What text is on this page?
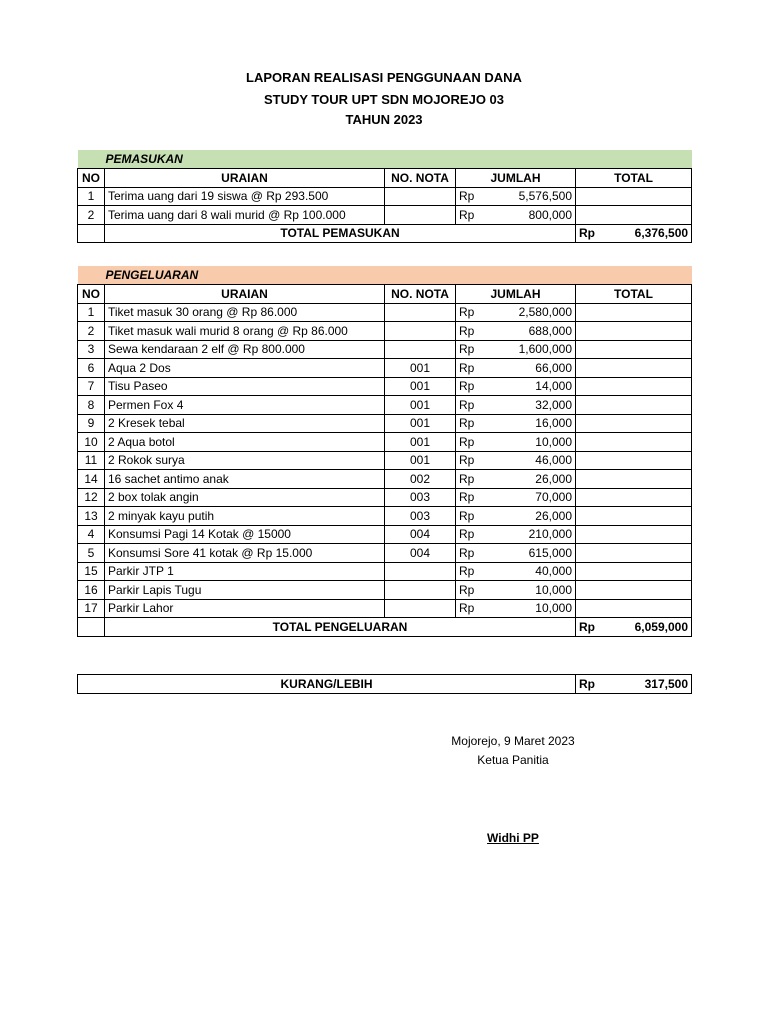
LAPORAN REALISASI PENGGUNAAN DANA
STUDY TOUR UPT SDN MOJOREJO 03
TAHUN 2023
PEMASUKAN				
NO	URAIAN	NO. NOTA	JUMLAH	TOTAL
1	Terima uang dari 19 siswa @ Rp 293.500		Rp 5,576,500	

2	Terima uang dari 8 wali murid @ Rp 100.000		Rp 800,000	

	TOTAL PEMASUKAN			Rp 6,376,500
PENGELUARAN				
NO	URAIAN	NO. NOTA	JUMLAH	TOTAL
1	Tiket masuk 30 orang @ Rp 86.000		Rp 2,580,000	

2	Tiket masuk wali murid 8 orang @ Rp 86.000		Rp 688,000	

3	Sewa kendaraan 2 elf @ Rp 800.000		Rp 1,600,000	

6	Aqua 2 Dos	001	Rp 66,000	

7	Tisu Paseo	001	Rp 14,000	

8	Permen Fox 4	001	Rp 32,000	

9	2 Kresek tebal	001	Rp 16,000	

10	2 Aqua botol	001	Rp 10,000	

11	2 Rokok surya	001	Rp 46,000	

14	16 sachet antimo anak	002	Rp 26,000	

12	2 box tolak angin	003	Rp 70,000	

13	2 minyak kayu putih	003	Rp 26,000	

4	Konsumsi Pagi 14 Kotak @ 15000	004	Rp 210,000	

5	Konsumsi Sore 41 kotak @ Rp 15.000	004	Rp 615,000	

15	Parkir JTP 1		Rp 40,000	

16	Parkir Lapis Tugu		Rp 10,000	

17	Parkir Lahor		Rp 10,000	

	TOTAL PENGELUARAN			Rp 6,059,000
KURANG/LEBIH	Rp	317,500
Mojorejo, 9 Maret 2023
Ketua Panitia
Widhi PP
